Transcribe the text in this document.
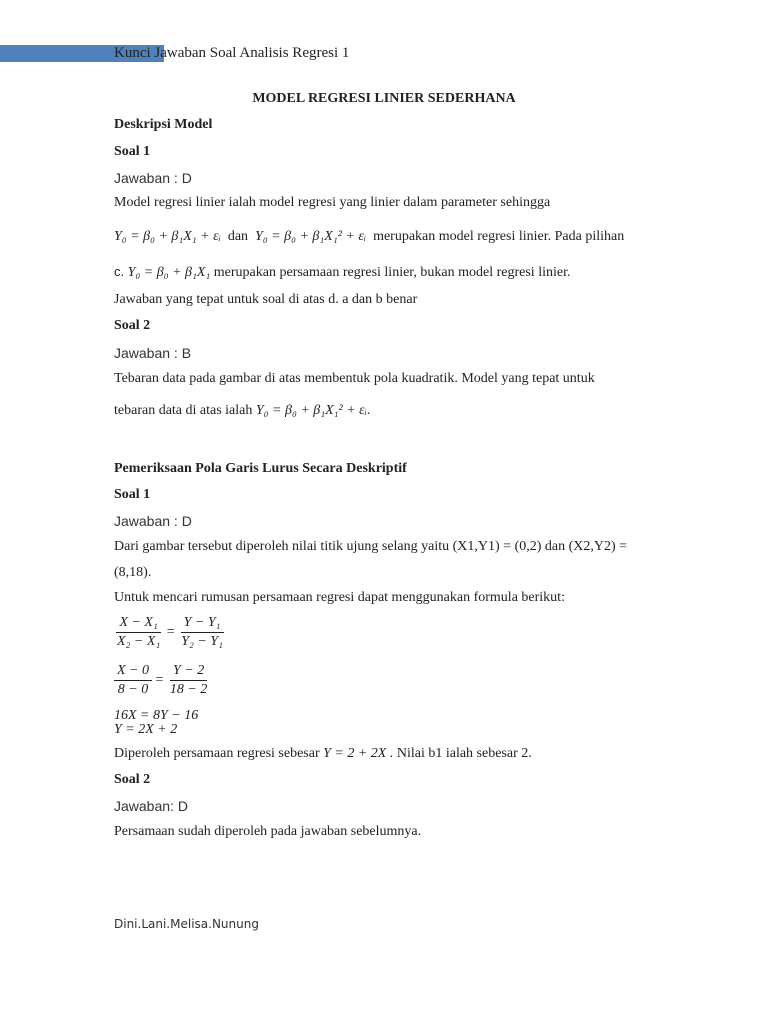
Kunci Jawaban Soal Analisis Regresi 1
MODEL REGRESI LINIER SEDERHANA
Deskripsi Model
Soal 1
Jawaban : D
Model regresi linier ialah model regresi yang linier dalam parameter sehingga
Y₀ = β₀ + β₁X₁ + εᵢ dan Y₀ = β₀ + β₁X₁² + εᵢ merupakan model regresi linier. Pada pilihan
c. Y₀ = β₀ + β₁X₁ merupakan persamaan regresi linier, bukan model regresi linier.
Jawaban yang tepat untuk soal di atas d. a dan b benar
Soal 2
Jawaban : B
Tebaran data pada gambar di atas membentuk pola kuadratik. Model yang tepat untuk
tebaran data di atas ialah Y₀ = β₀ + β₁X₁² + εᵢ.
Pemeriksaan Pola Garis Lurus Secara Deskriptif
Soal 1
Jawaban : D
Dari gambar tersebut diperoleh nilai titik ujung selang yaitu (X1,Y1) = (0,2) dan (X2,Y2) =
(8,18).
Untuk mencari rumusan persamaan regresi dapat menggunakan formula berikut:
$\frac{\text{X − X₁}}{\text{X₂ − X₁}} = \frac{\text{Y − Y₁}}{\text{Y₂ − Y₁}}$
$\frac{X - 0}{8 - 0} = \frac{Y - 2}{18 - 2}$
16X = 8Y − 16
Y = 2X + 2
Diperoleh persamaan regresi sebesar Y = 2 + 2X . Nilai b1 ialah sebesar 2.
Soal 2
Jawaban: D
Persamaan sudah diperoleh pada jawaban sebelumnya.
Dini.Lani.Melisa.Nunung
